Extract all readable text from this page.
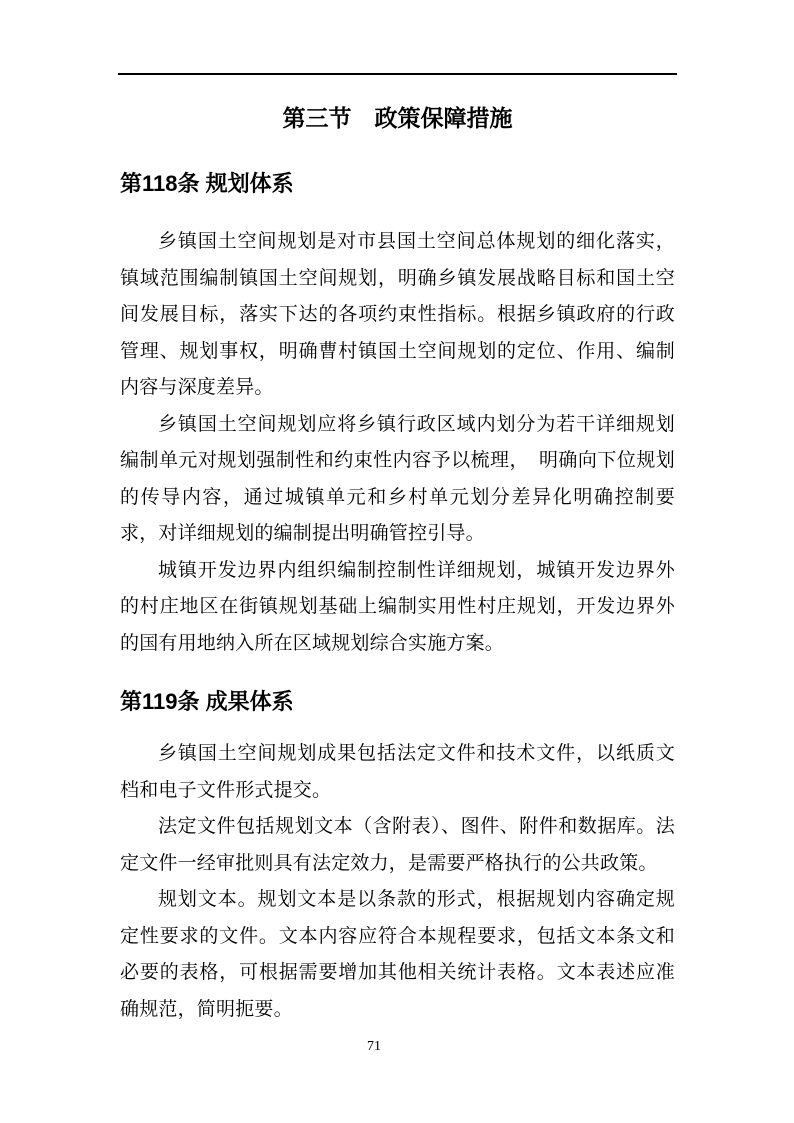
第三节　政策保障措施
第118条 规划体系

乡镇国土空间规划是对市县国土空间总体规划的细化落实，镇域范围编制镇国土空间规划，明确乡镇发展战略目标和国土空间发展目标，落实下达的各项约束性指标。根据乡镇政府的行政管理、规划事权，明确曹村镇国土空间规划的定位、作用、编制内容与深度差异。

乡镇国土空间规划应将乡镇行政区域内划分为若干详细规划编制单元对规划强制性和约束性内容予以梳理，　明确向下位规划的传导内容，通过城镇单元和乡村单元划分差异化明确控制要求，对详细规划的编制提出明确管控引导。

城镇开发边界内组织编制控制性详细规划，城镇开发边界外的村庄地区在街镇规划基础上编制实用性村庄规划，开发边界外的国有用地纳入所在区域规划综合实施方案。

第119条 成果体系

乡镇国土空间规划成果包括法定文件和技术文件，以纸质文档和电子文件形式提交。

法定文件包括规划文本（含附表）、图件、附件和数据库。法定文件一经审批则具有法定效力，是需要严格执行的公共政策。

规划文本。规划文本是以条款的形式，根据规划内容确定规定性要求的文件。文本内容应符合本规程要求，包括文本条文和必要的表格，可根据需要增加其他相关统计表格。文本表述应准确规范，简明扼要。

71
